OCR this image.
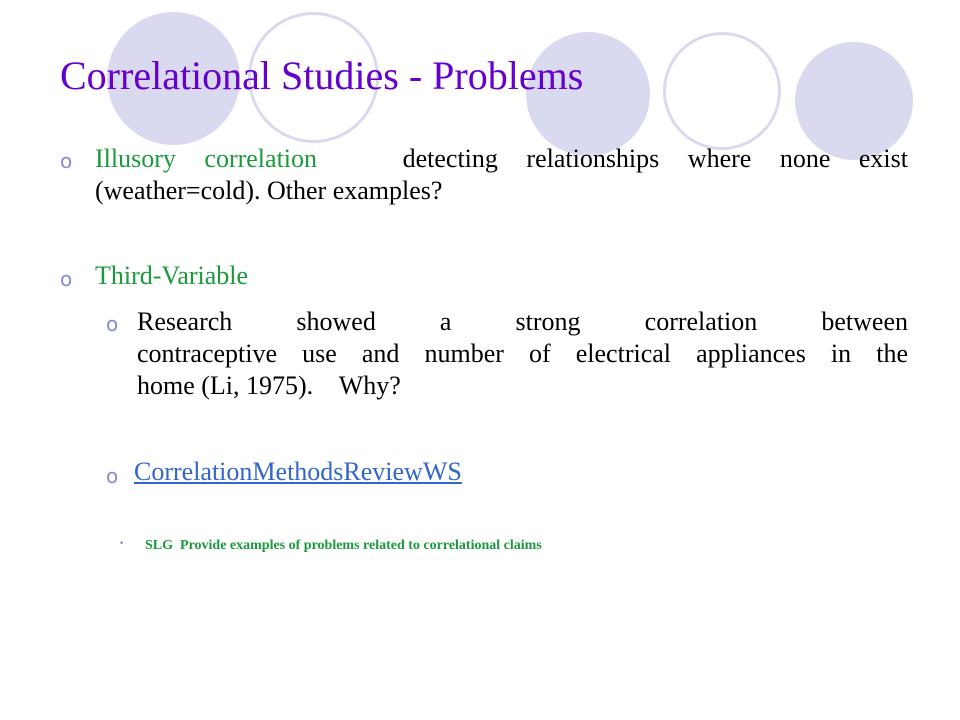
Correlational Studies - Problems
o Illusory correlation	detecting relationships where none exist
(weather=cold). Other examples?
o Third-Variable
o Research showed a strong correlation between
contraceptive use and number of electrical appliances in the
home (Li, 1975).    Why?
o CorrelationMethodsReviewWS
• SLG  Provide examples of problems related to correlational claims
